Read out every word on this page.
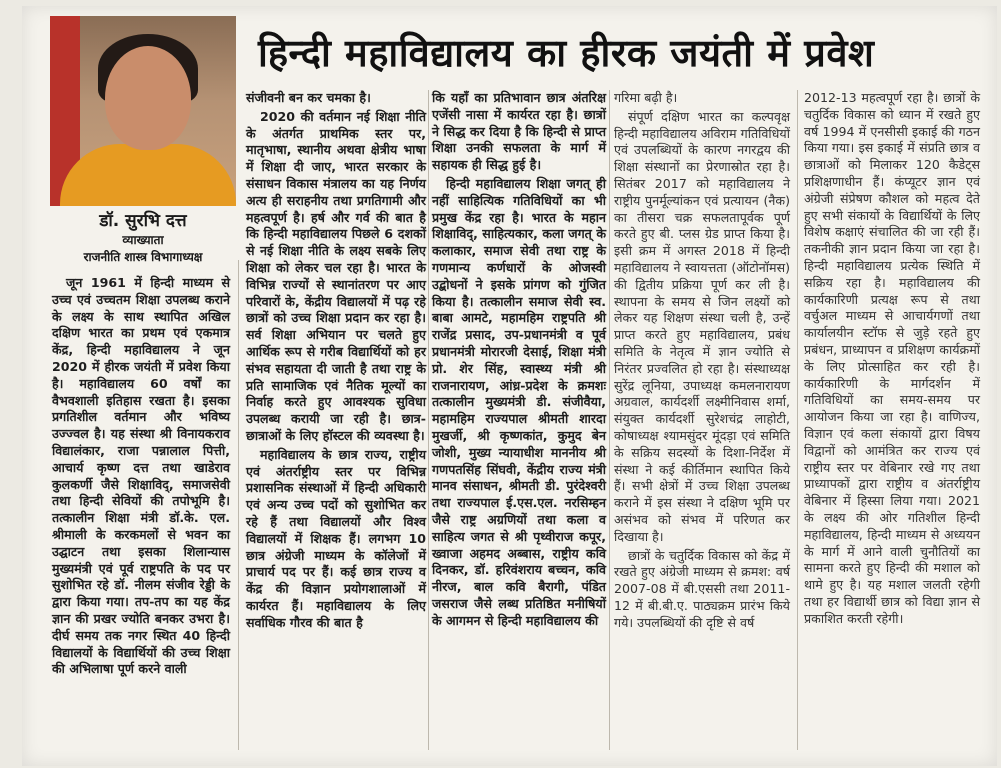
डॉ. सुरभि दत्त
व्याख्याता
राजनीति शास्त्र विभागाध्यक्ष
हिन्दी महाविद्यालय का हीरक जयंती में प्रवेश

जून 1961 में हिन्दी माध्यम से उच्च एवं उच्चतम शिक्षा उपलब्ध कराने के लक्ष्य के साथ स्थापित अखिल दक्षिण भारत का प्रथम एवं एकमात्र केंद्र, हिन्दी महाविद्यालय ने जून 2020 में हीरक जयंती में प्रवेश किया है। महाविद्यालय 60 वर्षों का वैभवशाली इतिहास रखता है। इसका प्रगतिशील वर्तमान और भविष्य उज्ज्वल है। यह संस्था श्री विनायकराव विद्यालंकार, राजा पन्नालाल पित्ती, आचार्य कृष्ण दत्त तथा खाडेराव कुलकर्णी जैसे शिक्षाविद्, समाजसेवी तथा हिन्दी सेवियों की तपोभूमि है। तत्कालीन शिक्षा मंत्री डॉ.के. एल. श्रीमाली के करकमलों से भवन का उद्घाटन तथा इसका शिलान्यास मुख्यमंत्री एवं पूर्व राष्ट्रपति के पद पर सुशोभित रहे डॉ. नीलम संजीव रेड्डी के द्वारा किया गया। तप-तप का यह केंद्र ज्ञान की प्रखर ज्योति बनकर उभरा है। दीर्घ समय तक नगर स्थित 40 हिन्दी विद्यालयों के विद्यार्थियों की उच्च शिक्षा की अभिलाषा पूर्ण करने वाली

संजीवनी बन कर चमका है।

2020 की वर्तमान नई शिक्षा नीति के अंतर्गत प्राथमिक स्तर पर, मातृभाषा, स्थानीय अथवा क्षेत्रीय भाषा में शिक्षा दी जाए, भारत सरकार के संसाधन विकास मंत्रालय का यह निर्णय अत्य ही सराहनीय तथा प्रगतिगामी और महत्वपूर्ण है। हर्ष और गर्व की बात है कि हिन्दी महाविद्यालय पिछले 6 दशकों से नई शिक्षा नीति के लक्ष्य सबके लिए शिक्षा को लेकर चल रहा है। भारत के विभिन्न राज्यों से स्थानांतरण पर आए परिवारों के, केंद्रीय विद्यालयों में पढ़ रहे छात्रों को उच्च शिक्षा प्रदान कर रहा है। सर्व शिक्षा अभियान पर चलते हुए आर्थिक रूप से गरीब विद्यार्थियों को हर संभव सहायता दी जाती है तथा राष्ट्र के प्रति सामाजिक एवं नैतिक मूल्यों का निर्वाह करते हुए आवश्यक सुविधा उपलब्ध करायी जा रही है। छात्र-छात्राओं के लिए हॉस्टल की व्यवस्था है।

महाविद्यालय के छात्र राज्य, राष्ट्रीय एवं अंतर्राष्ट्रीय स्तर पर विभिन्न प्रशासनिक संस्थाओं में हिन्दी अधिकारी एवं अन्य उच्च पदों को सुशोभित कर रहे हैं तथा विद्यालयों और विश्व विद्यालयों में शिक्षक हैं। लगभग 10 छात्र अंग्रेजी माध्यम के कॉलेजों में प्राचार्य पद पर हैं। कई छात्र राज्य व केंद्र की विज्ञान प्रयोगशालाओं में कार्यरत हैं। महाविद्यालय के लिए सर्वाधिक गौरव की बात है

कि यहाँ का प्रतिभावान छात्र अंतरिक्ष एजेंसी नासा में कार्यरत रहा है। छात्रों ने सिद्ध कर दिया है कि हिन्दी से प्राप्त शिक्षा उनकी सफलता के मार्ग में सहायक ही सिद्ध हुई है।

हिन्दी महाविद्यालय शिक्षा जगत् ही नहीं साहित्यिक गतिविधियों का भी प्रमुख केंद्र रहा है। भारत के महान शिक्षाविद्, साहित्यकार, कला जगत् के कलाकार, समाज सेवी तथा राष्ट्र के गणमान्य कर्णधारों के ओजस्वी उद्बोधनों ने इसके प्रांगण को गुंजित किया है। तत्कालीन समाज सेवी स्व. बाबा आमटे, महामहिम राष्ट्रपति श्री राजेंद्र प्रसाद, उप-प्रधानमंत्री व पूर्व प्रधानमंत्री मोरारजी देसाई, शिक्षा मंत्री प्रो. शेर सिंह, स्वास्थ्य मंत्री श्री राजनारायण, आंध्र-प्रदेश के क्रमशः तत्कालीन मुख्यमंत्री डी. संजीवैया, महामहिम राज्यपाल श्रीमती शारदा मुखर्जी, श्री कृष्णकांत, कुमुद बेन जोशी, मुख्य न्यायाधीश माननीय श्री गणपतसिंह सिंघवी, केंद्रीय राज्य मंत्री मानव संसाधन, श्रीमती डी. पुरंदेश्वरी तथा राज्यपाल ई.एस.एल. नरसिम्हन जैसे राष्ट्र अग्रणियों तथा कला व साहित्य जगत से श्री पृथ्वीराज कपूर, ख्वाजा अहमद अब्बास, राष्ट्रीय कवि दिनकर, डॉ. हरिवंशराय बच्चन, कवि नीरज, बाल कवि बैरागी, पंडित जसराज जैसे लब्ध प्रतिष्ठित मनीषियों के आगमन से हिन्दी महाविद्यालय की

गरिमा बढ़ी है।

संपूर्ण दक्षिण भारत का कल्पवृक्ष हिन्दी महाविद्यालय अविराम गतिविधियों एवं उपलब्धियों के कारण नगरद्वय की शिक्षा संस्थानों का प्रेरणास्रोत रहा है। सितंबर 2017 को महाविद्यालय ने राष्ट्रीय पुनर्मूल्यांकन एवं प्रत्यायन (नैक) का तीसरा चक्र सफलतापूर्वक पूर्ण करते हुए बी. प्लस ग्रेड प्राप्त किया है। इसी क्रम में अगस्त 2018 में हिन्दी महाविद्यालय ने स्वायत्तता (ऑटोनॉमस) की द्वितीय प्रक्रिया पूर्ण कर ली है। स्थापना के समय से जिन लक्ष्यों को लेकर यह शिक्षण संस्था चली है, उन्हें प्राप्त करते हुए महाविद्यालय, प्रबंध समिति के नेतृत्व में ज्ञान ज्योति से निरंतर प्रज्वलित हो रहा है। संस्थाध्यक्ष सुरेंद्र लूनिया, उपाध्यक्ष कमलनारायण अग्रवाल, कार्यदर्शी लक्ष्मीनिवास शर्मा, संयुक्त कार्यदर्शी सुरेशचंद्र लाहोटी, कोषाध्यक्ष श्यामसुंदर मूंदड़ा एवं समिति के सक्रिय सदस्यों के दिशा-निर्देश में संस्था ने कई कीर्तिमान स्थापित किये हैं। सभी क्षेत्रों में उच्च शिक्षा उपलब्ध कराने में इस संस्था ने दक्षिण भूमि पर असंभव को संभव में परिणत कर दिखाया है।

छात्रों के चतुर्दिक विकास को केंद्र में रखते हुए अंग्रेजी माध्यम से क्रमश: वर्ष 2007-08 में बी.एससी तथा 2011-12 में बी.बी.ए. पाठ्यक्रम प्रारंभ किये गये। उपलब्धियों की दृष्टि से वर्ष

2012-13 महत्वपूर्ण रहा है। छात्रों के चतुर्दिक विकास को ध्यान में रखते हुए वर्ष 1994 में एनसीसी इकाई की गठन किया गया। इस इकाई में संप्रति छात्र व छात्राओं को मिलाकर 120 कैडेट्स प्रशिक्षणाधीन हैं। कंप्यूटर ज्ञान एवं अंग्रेजी संप्रेषण कौशल को महत्व देते हुए सभी संकायों के विद्यार्थियों के लिए विशेष कक्षाएं संचालित की जा रही हैं। तकनीकी ज्ञान प्रदान किया जा रहा है। हिन्दी महाविद्यालय प्रत्येक स्थिति में सक्रिय रहा है। महाविद्यालय की कार्यकारिणी प्रत्यक्ष रूप से तथा वर्चुअल माध्यम से आचार्यगणों तथा कार्यालयीन स्टॉफ से जुड़े रहते हुए प्रबंधन, प्राध्यापन व प्रशिक्षण कार्यक्रमों के लिए प्रोत्साहित कर रही है। कार्यकारिणी के मार्गदर्शन में गतिविधियों का समय-समय पर आयोजन किया जा रहा है। वाणिज्य, विज्ञान एवं कला संकायों द्वारा विषय विद्वानों को आमंत्रित कर राज्य एवं राष्ट्रीय स्तर पर वेबिनार रखे गए तथा प्राध्यापकों द्वारा राष्ट्रीय व अंतर्राष्ट्रीय वेबिनार में हिस्सा लिया गया। 2021 के लक्ष्य की ओर गतिशील हिन्दी महाविद्यालय, हिन्दी माध्यम से अध्ययन के मार्ग में आने वाली चुनौतियों का सामना करते हुए हिन्दी की मशाल को थामे हुए है। यह मशाल जलती रहेगी तथा हर विद्यार्थी छात्र को विद्या ज्ञान से प्रकाशित करती रहेगी।
